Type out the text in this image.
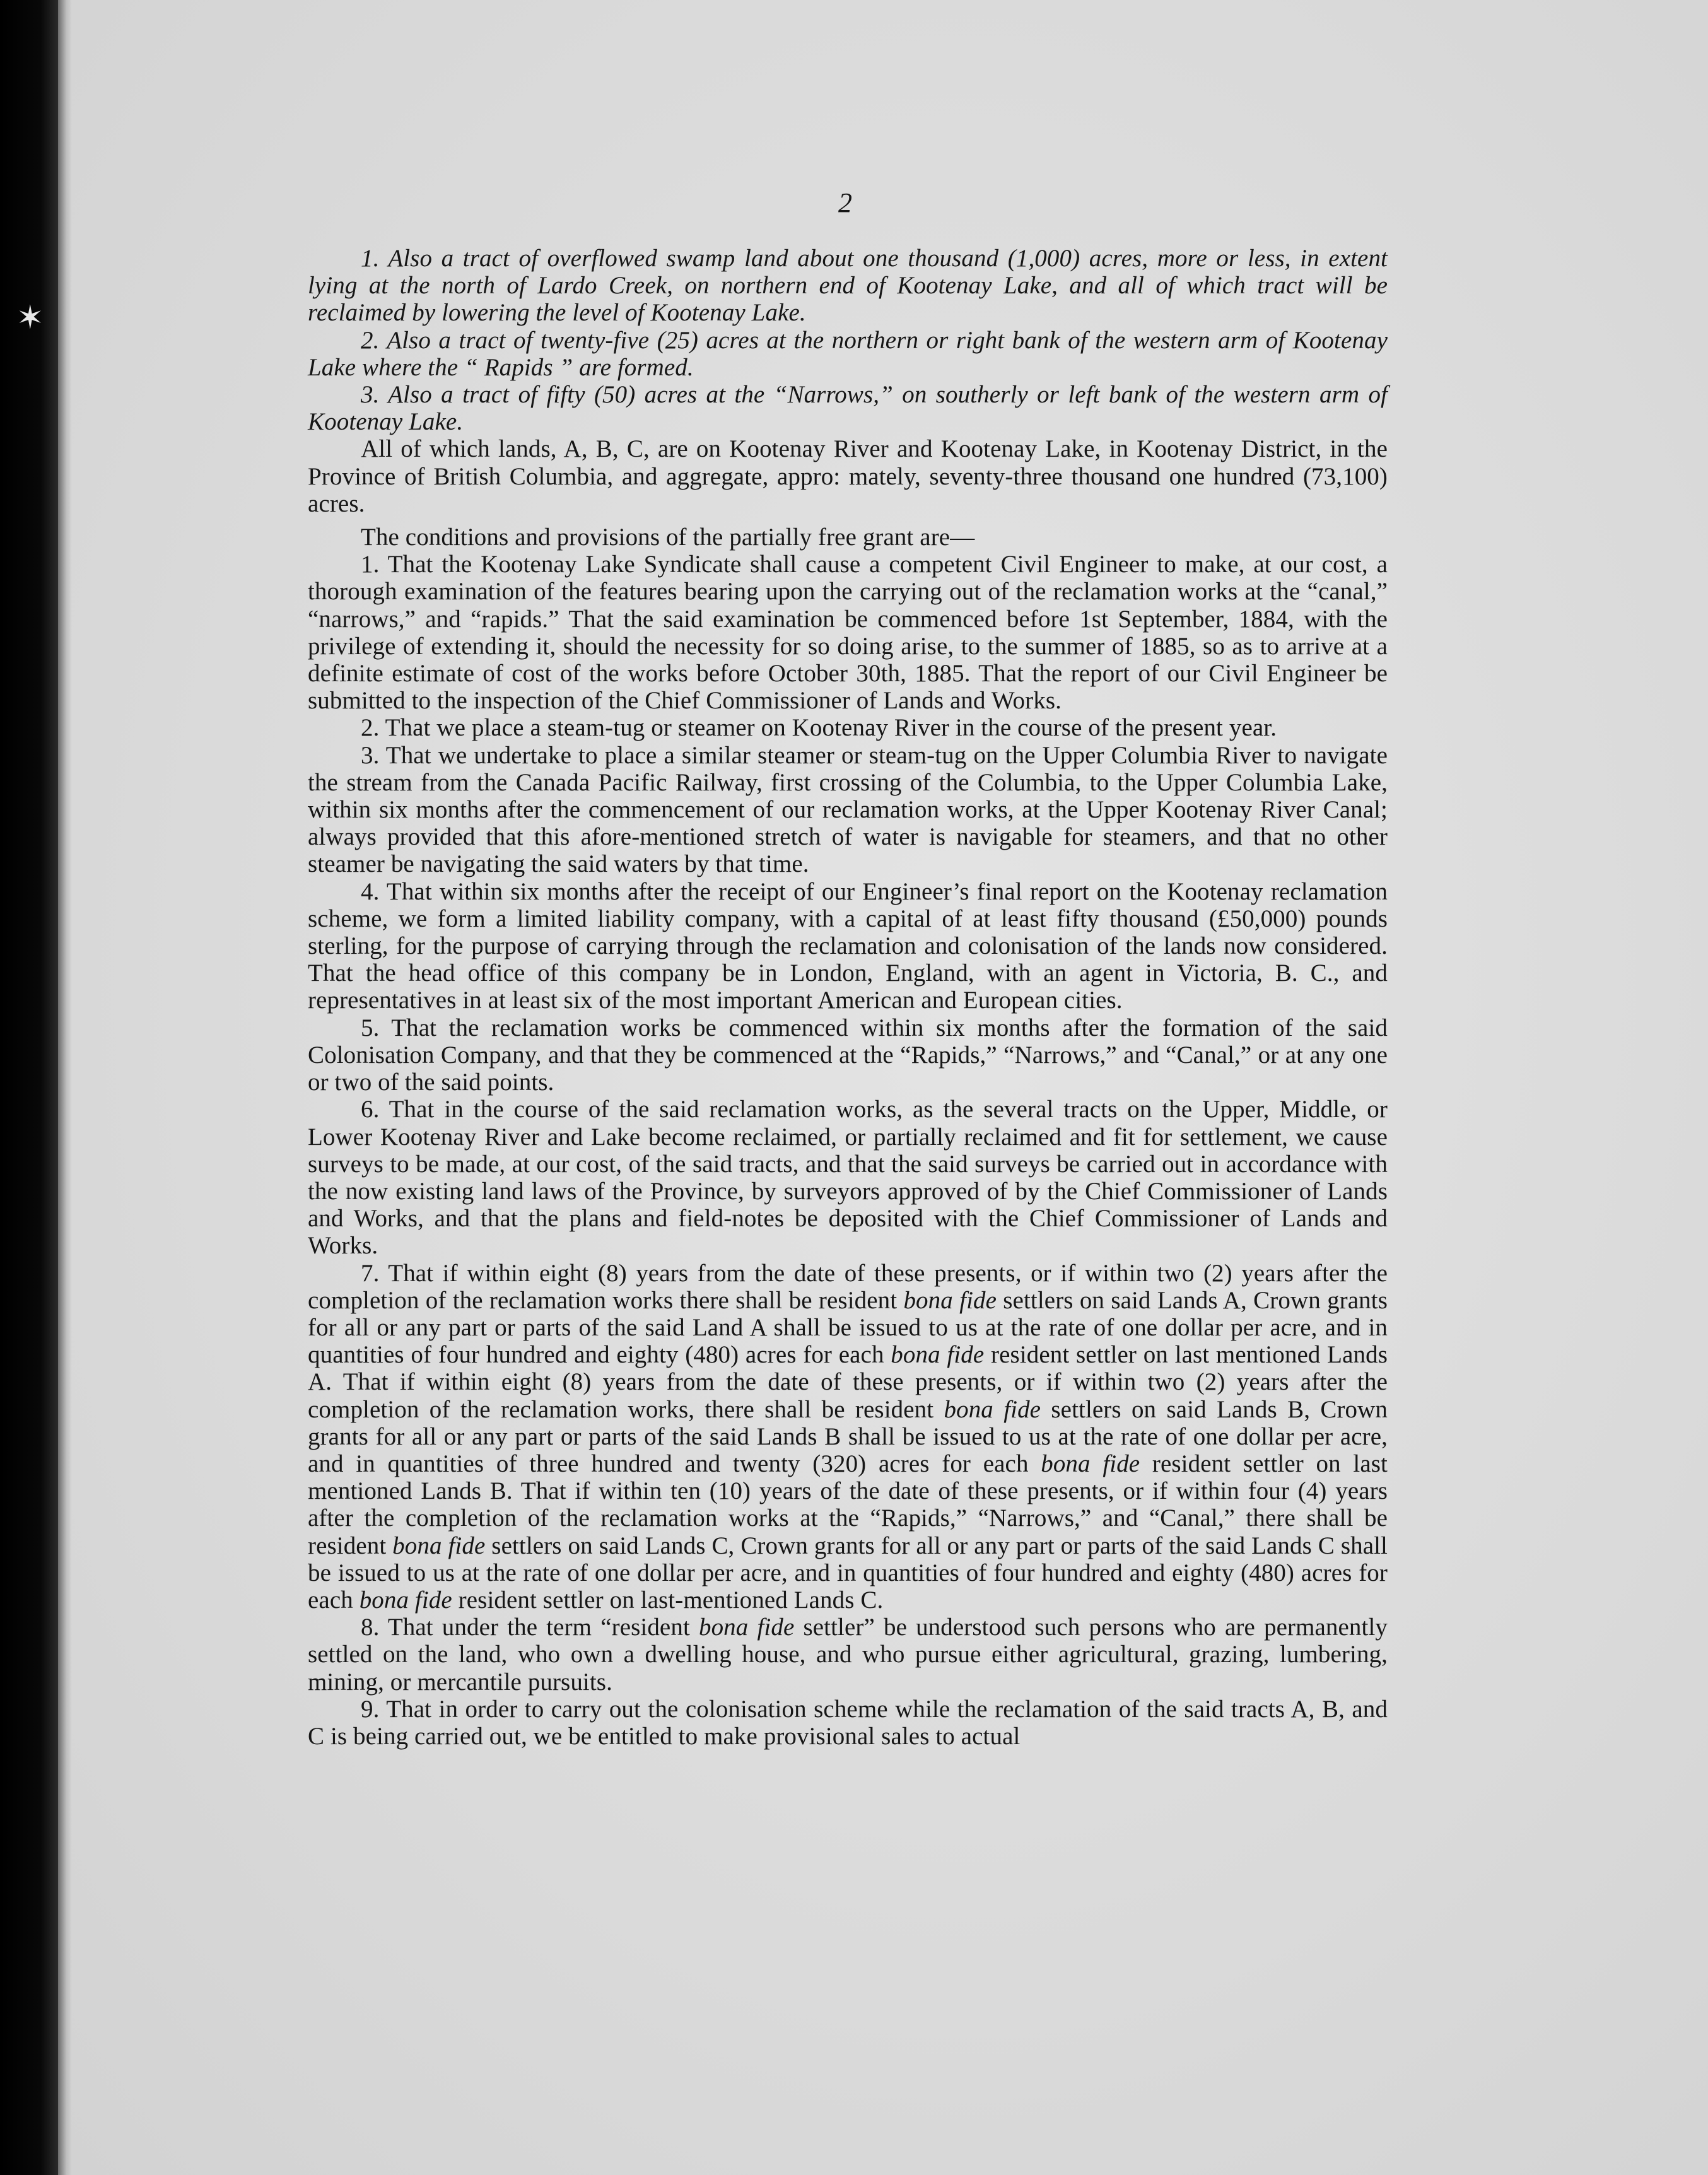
✶
2

1. Also a tract of overflowed swamp land about one thousand (1,000) acres, more or less, in extent lying at the north of Lardo Creek, on northern end of Kootenay Lake, and all of which tract will be reclaimed by lowering the level of Kootenay Lake.

2. Also a tract of twenty-five (25) acres at the northern or right bank of the western arm of Kootenay Lake where the “ Rapids ” are formed.

3. Also a tract of fifty (50) acres at the “Narrows,” on southerly or left bank of the western arm of Kootenay Lake.

All of which lands, A, B, C, are on Kootenay River and Kootenay Lake, in Kootenay District, in the Province of British Columbia, and aggregate, appro: mately, seventy-three thousand one hundred (73,100) acres.

The conditions and provisions of the partially free grant are—

1. That the Kootenay Lake Syndicate shall cause a competent Civil Engineer to make, at our cost, a thorough examination of the features bearing upon the carrying out of the reclamation works at the “canal,” “narrows,” and “rapids.” That the said examination be commenced before 1st September, 1884, with the privilege of extending it, should the necessity for so doing arise, to the summer of 1885, so as to arrive at a definite estimate of cost of the works before October 30th, 1885. That the report of our Civil Engineer be submitted to the inspection of the Chief Commissioner of Lands and Works.

2. That we place a steam-tug or steamer on Kootenay River in the course of the present year.

3. That we undertake to place a similar steamer or steam-tug on the Upper Columbia River to navigate the stream from the Canada Pacific Railway, first crossing of the Columbia, to the Upper Columbia Lake, within six months after the commencement of our reclamation works, at the Upper Kootenay River Canal; always provided that this afore-mentioned stretch of water is navigable for steamers, and that no other steamer be navigating the said waters by that time.

4. That within six months after the receipt of our Engineer’s final report on the Kootenay reclamation scheme, we form a limited liability company, with a capital of at least fifty thousand (£50,000) pounds sterling, for the purpose of carrying through the reclamation and colonisation of the lands now considered. That the head office of this company be in London, England, with an agent in Victoria, B. C., and representatives in at least six of the most important American and European cities.

5. That the reclamation works be commenced within six months after the formation of the said Colonisation Company, and that they be commenced at the “Rapids,” “Narrows,” and “Canal,” or at any one or two of the said points.

6. That in the course of the said reclamation works, as the several tracts on the Upper, Middle, or Lower Kootenay River and Lake become reclaimed, or partially reclaimed and fit for settlement, we cause surveys to be made, at our cost, of the said tracts, and that the said surveys be carried out in accordance with the now existing land laws of the Province, by surveyors approved of by the Chief Commissioner of Lands and Works, and that the plans and field-notes be deposited with the Chief Commissioner of Lands and Works.

7. That if within eight (8) years from the date of these presents, or if within two (2) years after the completion of the reclamation works there shall be resident bona fide settlers on said Lands A, Crown grants for all or any part or parts of the said Land A shall be issued to us at the rate of one dollar per acre, and in quantities of four hundred and eighty (480) acres for each bona fide resident settler on last mentioned Lands A. That if within eight (8) years from the date of these presents, or if within two (2) years after the completion of the reclamation works, there shall be resident bona fide settlers on said Lands B, Crown grants for all or any part or parts of the said Lands B shall be issued to us at the rate of one dollar per acre, and in quantities of three hundred and twenty (320) acres for each bona fide resident settler on last mentioned Lands B. That if within ten (10) years of the date of these presents, or if within four (4) years after the completion of the reclamation works at the “Rapids,” “Narrows,” and “Canal,” there shall be resident bona fide settlers on said Lands C, Crown grants for all or any part or parts of the said Lands C shall be issued to us at the rate of one dollar per acre, and in quantities of four hundred and eighty (480) acres for each bona fide resident settler on last-mentioned Lands C.

8. That under the term “resident bona fide settler” be understood such persons who are permanently settled on the land, who own a dwelling house, and who pursue either agricultural, grazing, lumbering, mining, or mercantile pursuits.

9. That in order to carry out the colonisation scheme while the reclamation of the said tracts A, B, and C is being carried out, we be entitled to make provisional sales to actual
